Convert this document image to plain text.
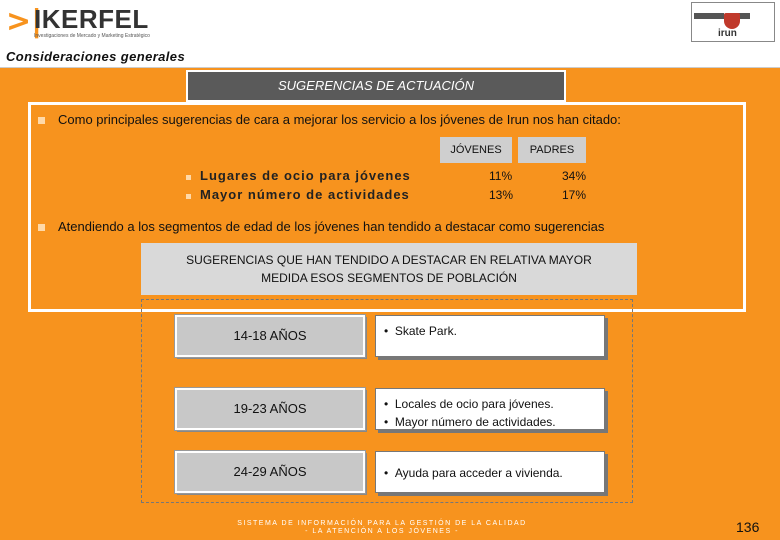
>|
IKERFEL
Investigaciones de Mercado y Marketing Estratégico	irun
Consideraciones generales
SUGERENCIAS DE ACTUACIÓN
Como principales sugerencias de cara a mejorar los servicio a los jóvenes de Irun nos han citado:
JÓVENES	PADRES
Lugares de ocio para jóvenes	11%	34%
Mayor número de actividades	13%	17%
Atendiendo a los segmentos de edad de los jóvenes han tendido a destacar como sugerencias
SUGERENCIAS QUE HAN TENDIDO A DESTACAR EN RELATIVA MAYOR
MEDIDA ESOS SEGMENTOS DE POBLACIÓN
14-18 AÑOS	•  Skate Park.
19-23 AÑOS	•  Locales de ocio para jóvenes.
•  Mayor número de actividades.
24-29 AÑOS	•  Ayuda para acceder a vivienda.
SISTEMA DE INFORMACIÓN PARA LA GESTIÓN DE LA CALIDAD
- LA ATENCIÓN A LOS JÓVENES -	136
